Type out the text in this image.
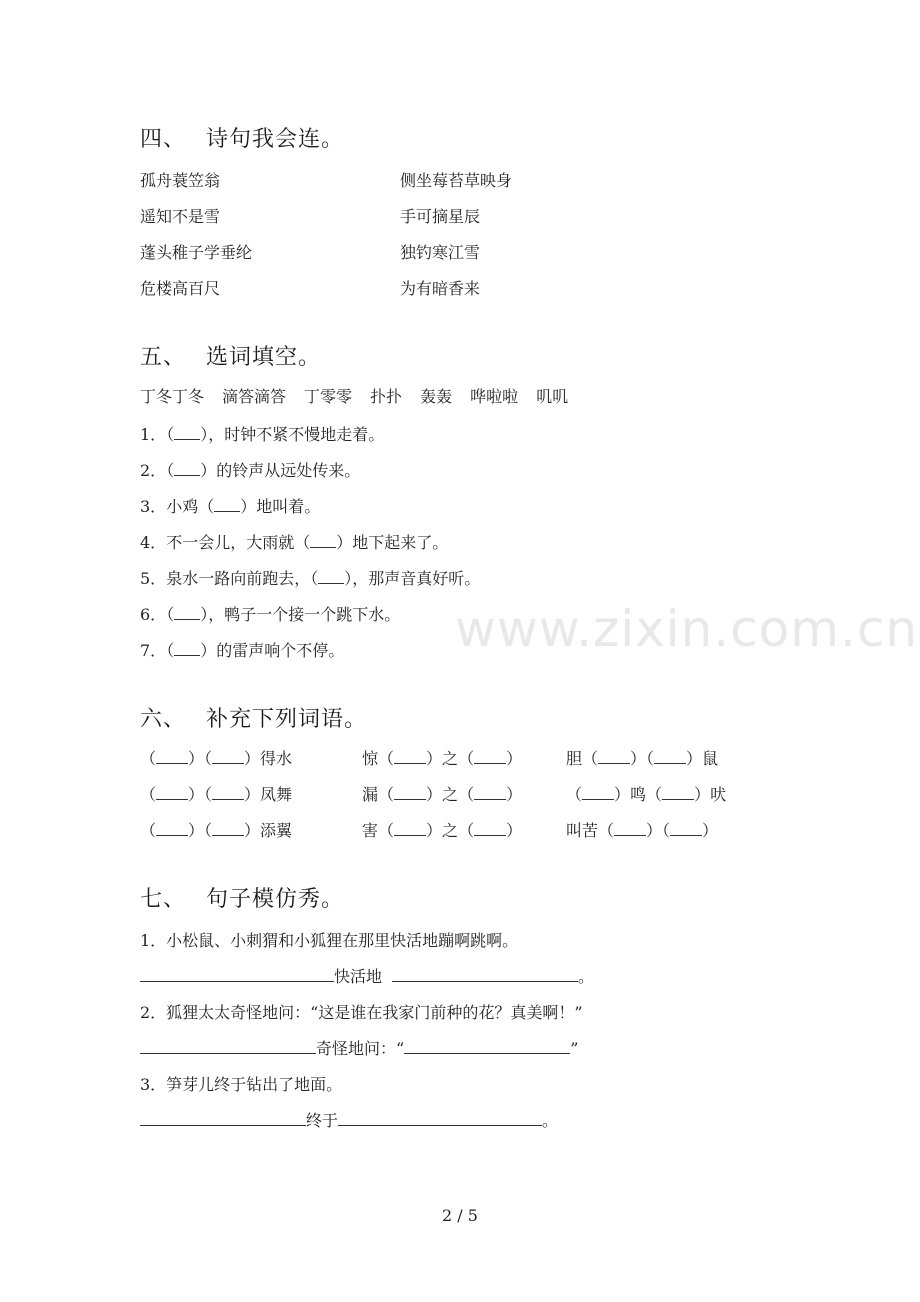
四、 诗句我会连。
孤舟蓑笠翁	侧坐莓苔草映身
遥知不是雪	手可摘星辰
蓬头稚子学垂纶	独钓寒江雪
危楼高百尺	为有暗香来
五、 选词填空。
丁冬丁冬 滴答滴答 丁零零 扑扑 轰轰 哗啦啦 叽叽
1．（ ），时钟不紧不慢地走着。
2．（ ）的铃声从远处传来。
3．小鸡（ ）地叫着。
4．不一会儿，大雨就（ ）地下起来了。
5．泉水一路向前跑去，（ ），那声音真好听。
6．（ ），鸭子一个接一个跳下水。
7．（ ）的雷声响个不停。 www.zixin.com.cn
六、 补充下列词语。
（ ）（ ）得水	惊（ ）之（ ）	胆（ ）（ ）鼠
（ ）（ ）凤舞	漏（ ）之（ ）	（ ）鸣（ ）吠
（ ）（ ）添翼	害（ ）之（ ）	叫苦（ ）（ ）
七、 句子模仿秀。
1．小松鼠、小刺猬和小狐狸在那里快活地蹦啊跳啊。
快活地	。
2．狐狸太太奇怪地问：“这是谁在我家门前种的花？真美啊！”
奇怪地问：“	”
3．笋芽儿终于钻出了地面。
终于	。
2 / 5
